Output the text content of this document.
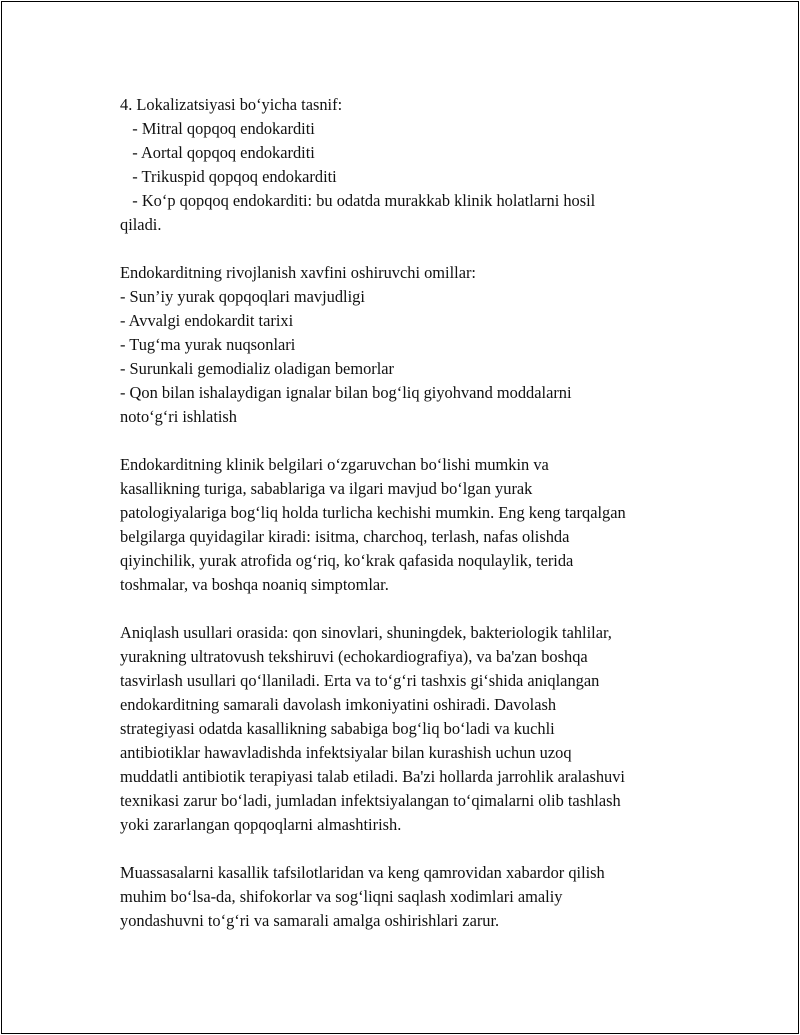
4. Lokalizatsiyasi bo‘yicha tasnif:
- Mitral qopqoq endokarditi
- Aortal qopqoq endokarditi
- Trikuspid qopqoq endokarditi
- Ko‘p qopqoq endokarditi: bu odatda murakkab klinik holatlarni hosil
qiladi.
Endokarditning rivojlanish xavfini oshiruvchi omillar:
- Sun’iy yurak qopqoqlari mavjudligi
- Avvalgi endokardit tarixi
- Tug‘ma yurak nuqsonlari
- Surunkali gemodializ oladigan bemorlar
- Qon bilan ishalaydigan ignalar bilan bog‘liq giyohvand moddalarni
noto‘g‘ri ishlatish
Endokarditning klinik belgilari o‘zgaruvchan bo‘lishi mumkin va
kasallikning turiga, sabablariga va ilgari mavjud bo‘lgan yurak
patologiyalariga bog‘liq holda turlicha kechishi mumkin. Eng keng tarqalgan
belgilarga quyidagilar kiradi: isitma, charchoq, terlash, nafas olishda
qiyinchilik, yurak atrofida og‘riq, ko‘krak qafasida noqulaylik, terida
toshmalar, va boshqa noaniq simptomlar.
Aniqlash usullari orasida: qon sinovlari, shuningdek, bakteriologik tahlilar,
yurakning ultratovush tekshiruvi (echokardiografiya), va ba'zan boshqa
tasvirlash usullari qo‘llaniladi. Erta va to‘g‘ri tashxis gi‘shida aniqlangan
endokarditning samarali davolash imkoniyatini oshiradi. Davolash
strategiyasi odatda kasallikning sababiga bog‘liq bo‘ladi va kuchli
antibiotiklar hawavladishda infektsiyalar bilan kurashish uchun uzoq
muddatli antibiotik terapiyasi talab etiladi. Ba'zi hollarda jarrohlik aralashuvi
texnikasi zarur bo‘ladi, jumladan infektsiyalangan to‘qimalarni olib tashlash
yoki zararlangan qopqoqlarni almashtirish.
Muassasalarni kasallik tafsilotlaridan va keng qamrovidan xabardor qilish
muhim bo‘lsa-da, shifokorlar va sog‘liqni saqlash xodimlari amaliy
yondashuvni to‘g‘ri va samarali amalga oshirishlari zarur.
